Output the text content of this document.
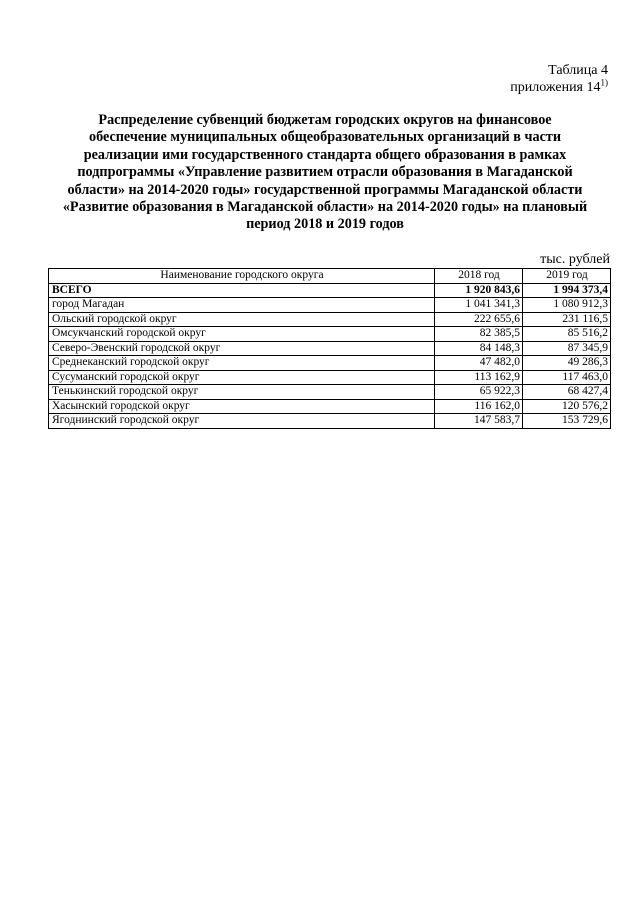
Таблица 4
приложения 14$^{1)}$
Распределение субвенций бюджетам городских округов на финансовое обеспечение муниципальных общеобразовательных организаций в части реализации ими государственного стандарта общего образования в рамках подпрограммы «Управление развитием отрасли образования в Магаданской области» на 2014-2020 годы» государственной программы Магаданской области «Развитие образования в Магаданской области» на 2014-2020 годы» на плановый период 2018 и 2019 годов
тыс. рублей
Наименование городского округа	2018 год	2019 год
ВСЕГО	1 920 843,6	1 994 373,4
город Магадан	1 041 341,3	1 080 912,3
Ольский городской округ	222 655,6	231 116,5
Омсукчанский городской округ	82 385,5	85 516,2
Северо-Эвенский городской округ	84 148,3	87 345,9
Среднеканский городской округ	47 482,0	49 286,3
Сусуманский городской округ	113 162,9	117 463,0
Тенькинский городской округ	65 922,3	68 427,4
Хасынский городской округ	116 162,0	120 576,2
Ягоднинский городской округ	147 583,7	153 729,6
